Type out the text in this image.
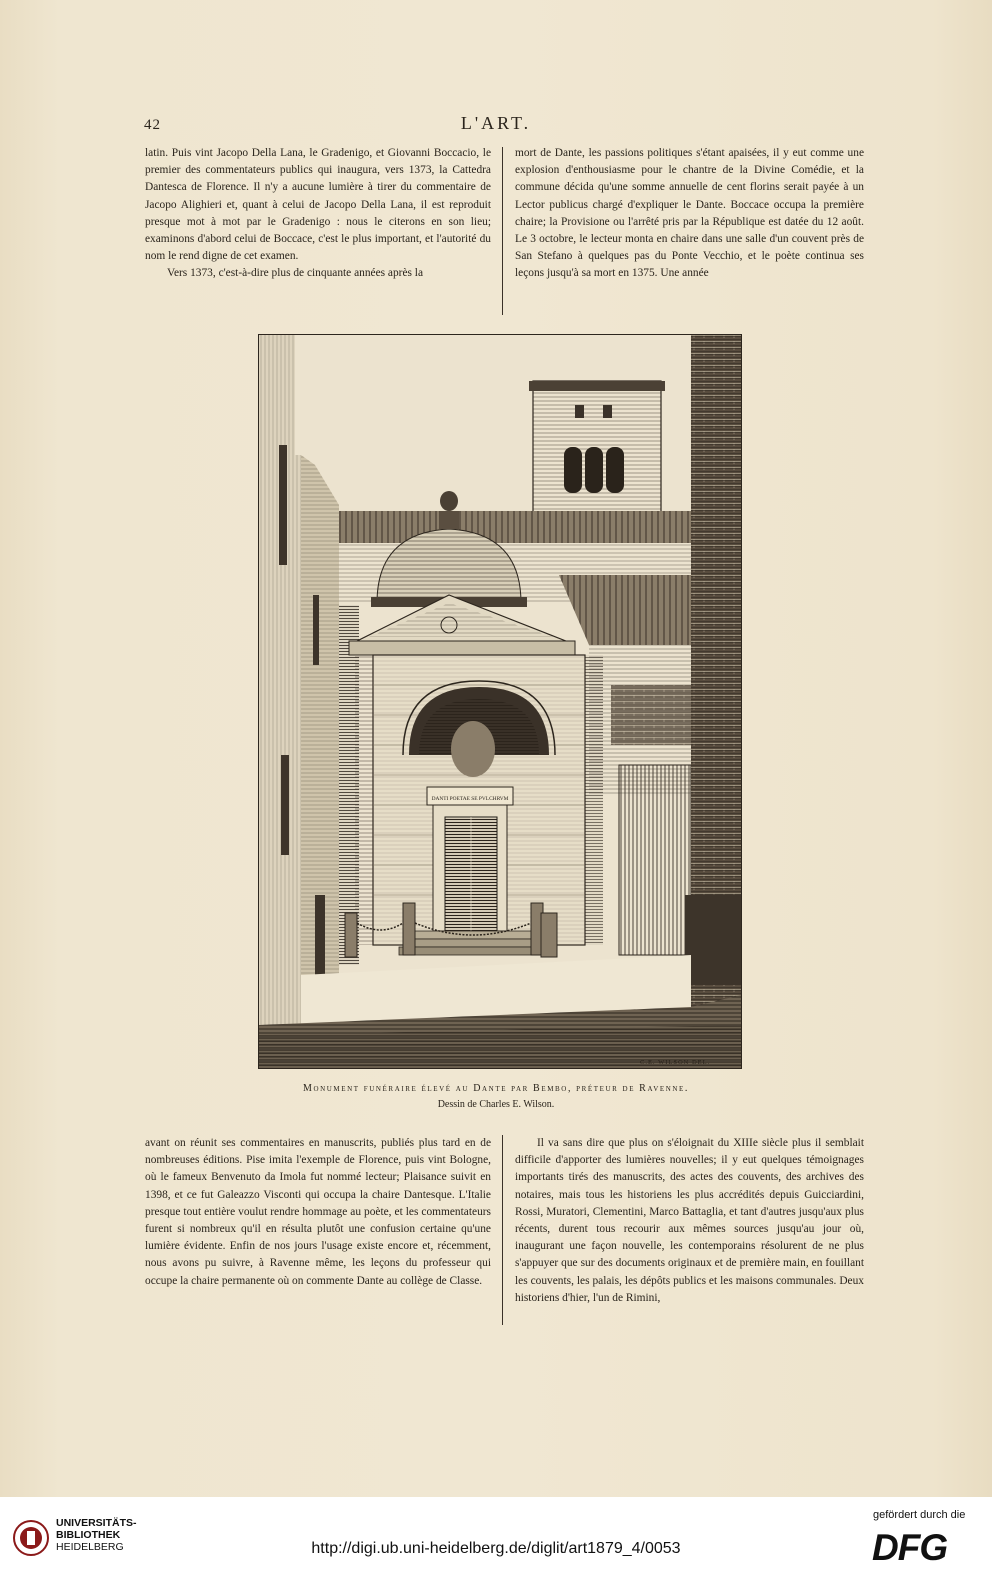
42	L'ART.

latin. Puis vint Jacopo Della Lana, le Gradenigo, et Giovanni Boccacio, le premier des commentateurs publics qui inaugura, vers 1373, la Cattedra Dantesca de Florence. Il n'y a aucune lumière à tirer du commentaire de Jacopo Alighieri et, quant à celui de Jacopo Della Lana, il est reproduit presque mot à mot par le Gradenigo : nous le citerons en son lieu; examinons d'abord celui de Boccace, c'est le plus important, et l'autorité du nom le rend digne de cet examen.

Vers 1373, c'est-à-dire plus de cinquante années après la

mort de Dante, les passions politiques s'étant apaisées, il y eut comme une explosion d'enthousiasme pour le chantre de la Divine Comédie, et la commune décida qu'une somme annuelle de cent florins serait payée à un Lector publicus chargé d'expliquer le Dante. Boccace occupa la première chaire; la Provisione ou l'arrêté pris par la République est datée du 12 août. Le 3 octobre, le lecteur monta en chaire dans une salle d'un couvent près de San Stefano à quelques pas du Ponte Vecchio, et le poète continua ses leçons jusqu'à sa mort en 1375. Une année

DANTI POETAE SE PVLCHRVM
C.E. WILSON DEL.
Monument funéraire élevé au Dante par Bembo, préteur de Ravenne.
Dessin de Charles E. Wilson.

avant on réunit ses commentaires en manuscrits, publiés plus tard en de nombreuses éditions. Pise imita l'exemple de Florence, puis vint Bologne, où le fameux Benvenuto da Imola fut nommé lecteur; Plaisance suivit en 1398, et ce fut Galeazzo Visconti qui occupa la chaire Dantesque. L'Italie presque tout entière voulut rendre hommage au poète, et les commentateurs furent si nombreux qu'il en résulta plutôt une confusion certaine qu'une lumière évidente. Enfin de nos jours l'usage existe encore et, récemment, nous avons pu suivre, à Ravenne même, les leçons du professeur qui occupe la chaire permanente où on commente Dante au collège de Classe.

Il va sans dire que plus on s'éloignait du XIIIe siècle plus il semblait difficile d'apporter des lumières nouvelles; il y eut quelques témoignages importants tirés des manuscrits, des actes des couvents, des archives des notaires, mais tous les historiens les plus accrédités depuis Guicciardini, Rossi, Muratori, Clementini, Marco Battaglia, et tant d'autres jusqu'aux plus récents, durent tous recourir aux mêmes sources jusqu'au jour où, inaugurant une façon nouvelle, les contemporains résolurent de ne plus s'appuyer que sur des documents originaux et de première main, en fouillant les couvents, les palais, les dépôts publics et les maisons communales. Deux historiens d'hier, l'un de Rimini,

UNIVERSITÄTS-
BIBLIOTHEK
HEIDELBERG	http://digi.ub.uni-heidelberg.de/diglit/art1879_4/0053
gefördert durch die
DFG
